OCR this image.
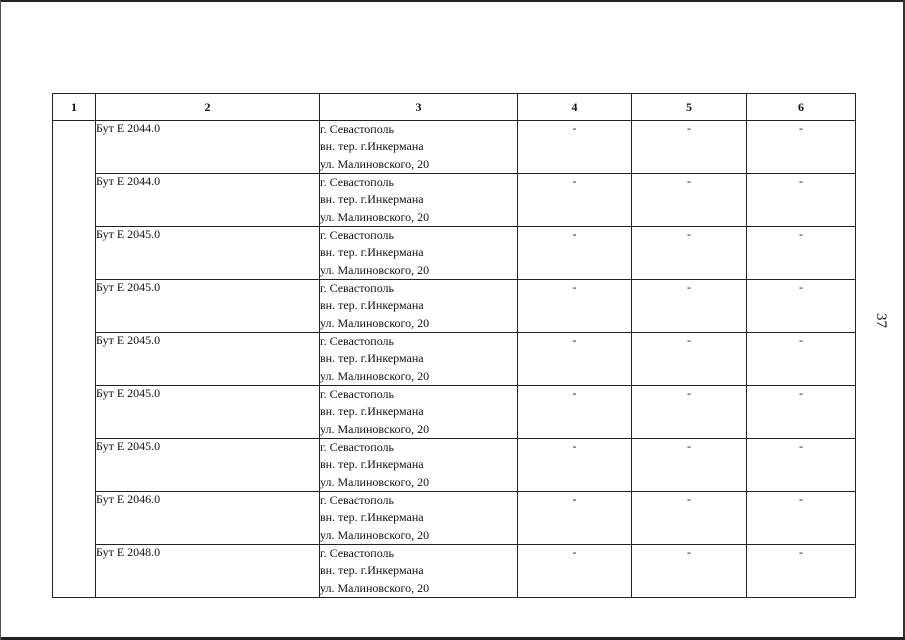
1	2	3	4	5	6
	Бут Е 2044.0	г. Севастополь
вн. тер. г.Инкермана
ул. Малиновского, 20	-	-	-
	Бут Е 2044.0	г. Севастополь
вн. тер. г.Инкермана
ул. Малиновского, 20	-	-	-
	Бут Е 2045.0	г. Севастополь
вн. тер. г.Инкермана
ул. Малиновского, 20	-	-	-
	Бут Е 2045.0	г. Севастополь
вн. тер. г.Инкермана
ул. Малиновского, 20	-	-	-
	Бут Е 2045.0	г. Севастополь
вн. тер. г.Инкермана
ул. Малиновского, 20	-	-	-
	Бут Е 2045.0	г. Севастополь
вн. тер. г.Инкермана
ул. Малиновского, 20	-	-	-
	Бут Е 2045.0	г. Севастополь
вн. тер. г.Инкермана
ул. Малиновского, 20	-	-	-
	Бут Е 2046.0	г. Севастополь
вн. тер. г.Инкермана
ул. Малиновского, 20	-	-	-
	Бут Е 2048.0	г. Севастополь
вн. тер. г.Инкермана
ул. Малиновского, 20	-	-	-
37
